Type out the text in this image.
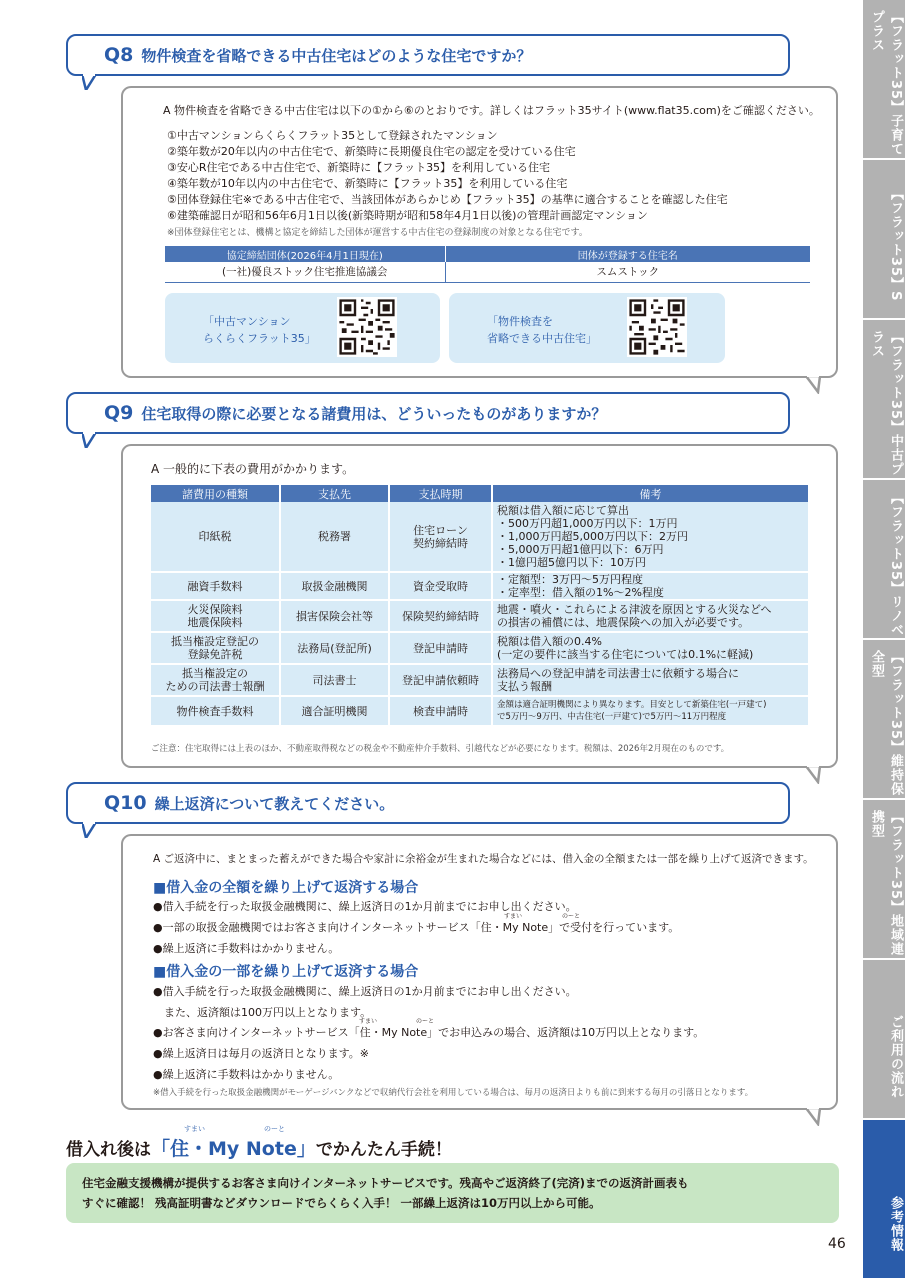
Q8 物件検査を省略できる中古住宅はどのような住宅ですか？
A 物件検査を省略できる中古住宅は以下の①から⑥のとおりです。詳しくはフラット35サイト(www.flat35.com)をご確認ください。
①中古マンションらくらくフラット35として登録されたマンション
②築年数が20年以内の中古住宅で、新築時に長期優良住宅の認定を受けている住宅
③安心R住宅である中古住宅で、新築時に【フラット35】を利用している住宅
④築年数が10年以内の中古住宅で、新築時に【フラット35】を利用している住宅
⑤団体登録住宅※である中古住宅で、当該団体があらかじめ【フラット35】の基準に適合することを確認した住宅
⑥建築確認日が昭和56年6月1日以後(新築時期が昭和58年4月1日以後)の管理計画認定マンション
※団体登録住宅とは、機構と協定を締結した団体が運営する中古住宅の登録制度の対象となる住宅です。
協定締結団体(2026年4月1日現在)	団体が登録する住宅名
(一社)優良ストック住宅推進協議会	スムストック
「中古マンション
らくらくフラット35」
「物件検査を
省略できる中古住宅」
Q9 住宅取得の際に必要となる諸費用は、どういったものがありますか？
A 一般的に下表の費用がかかります。
諸費用の種類	支払先	支払時期	備考
印紙税	税務署	住宅ローン
契約締結時	税額は借入額に応じて算出
・500万円超1,000万円以下：1万円
・1,000万円超5,000万円以下：2万円
・5,000万円超1億円以下：6万円
・1億円超5億円以下：10万円
融資手数料	取扱金融機関	資金受取時	・定額型：3万円～5万円程度
・定率型：借入額の1%～2%程度
火災保険料
地震保険料	損害保険会社等	保険契約締結時	地震・噴火・これらによる津波を原因とする火災などへ
の損害の補償には、地震保険への加入が必要です。
抵当権設定登記の
登録免許税	法務局(登記所)	登記申請時	税額は借入額の0.4%
(一定の要件に該当する住宅については0.1%に軽減)
抵当権設定の
ための司法書士報酬	司法書士	登記申請依頼時	法務局への登記申請を司法書士に依頼する場合に
支払う報酬
物件検査手数料	適合証明機関	検査申請時	金額は適合証明機関により異なります。目安として新築住宅(一戸建て)
で5万円～9万円、中古住宅(一戸建て)で5万円～11万円程度
ご注意：住宅取得には上表のほか、不動産取得税などの税金や不動産仲介手数料、引越代などが必要になります。税額は、2026年2月現在のものです。
Q10 繰上返済について教えてください。
A ご返済中に、まとまった蓄えができた場合や家計に余裕金が生まれた場合などには、借入金の全額または一部を繰り上げて返済できます。
■借入金の全額を繰り上げて返済する場合
●借入手続を行った取扱金融機関に、繰上返済日の1か月前までにお申し出ください。
すまい	のーと
●一部の取扱金融機関ではお客さま向けインターネットサービス「住・My Note」で受付を行っています。
●繰上返済に手数料はかかりません。
■借入金の一部を繰り上げて返済する場合
●借入手続を行った取扱金融機関に、繰上返済日の1か月前までにお申し出ください。
　また、返済額は100万円以上となります。
すまい	のーと
●お客さま向けインターネットサービス「住・My Note」でお申込みの場合、返済額は10万円以上となります。
●繰上返済日は毎月の返済日となります。※
●繰上返済に手数料はかかりません。
※借入手続を行った取扱金融機関がモーゲージバンクなどで収納代行会社を利用している場合は、毎月の返済日よりも前に到来する毎月の引落日となります。
すまい	のーと
借入れ後は「住・My Note」でかんたん手続！
住宅金融支援機構が提供するお客さま向けインターネットサービスです。残高やご返済終了(完済)までの返済計画表も
すぐに確認！ 残高証明書などダウンロードでらくらく入手！ 一部繰上返済は10万円以上から可能。
【フラット35】子育てプラス
【フラット35】S
【フラット35】中古プラス
【フラット35】リノベ
【フラット35】維持保全型
【フラット35】地域連携型
ご利用の流れ
参考情報
46
